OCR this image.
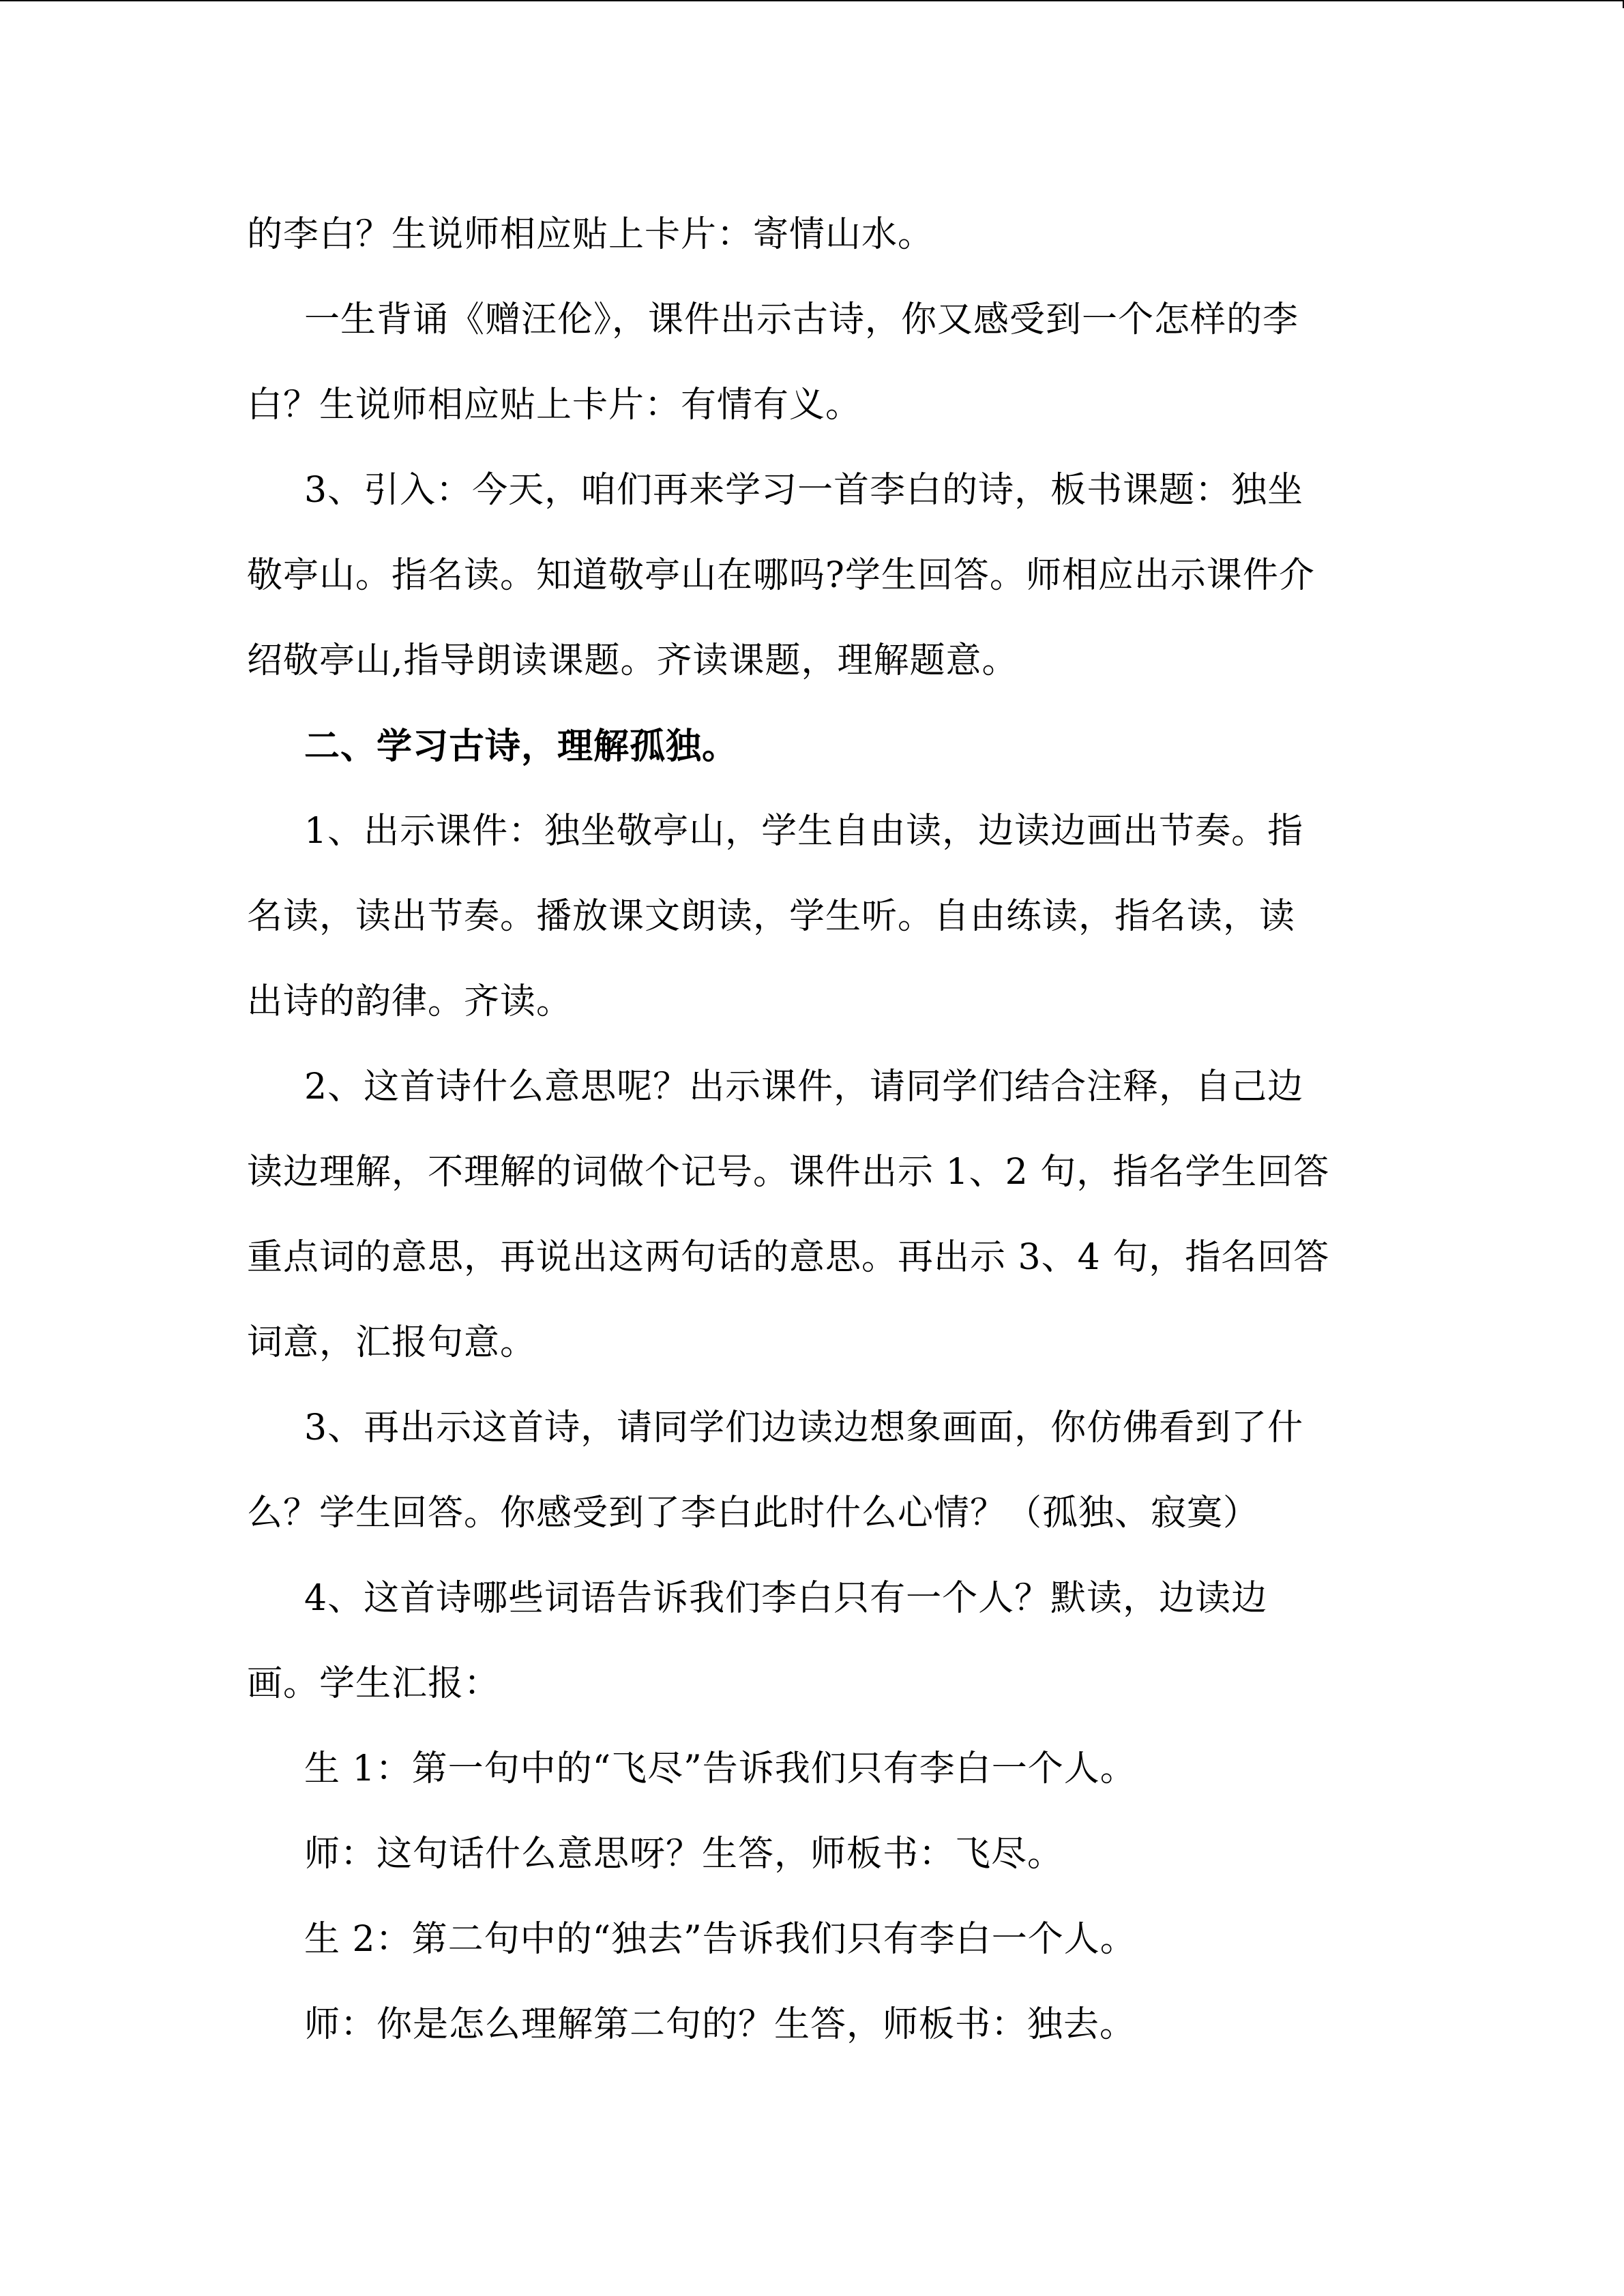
的李白？生说师相应贴上卡片：寄情山水。
一生背诵《赠汪伦》，课件出示古诗，你又感受到一个怎样的李
白？生说师相应贴上卡片：有情有义。
3、引入：今天，咱们再来学习一首李白的诗，板书课题：独坐
敬亭山。指名读。知道敬亭山在哪吗?学生回答。师相应出示课件介
绍敬亭山,指导朗读课题。齐读课题，理解题意。
二、学习古诗，理解孤独。
1、出示课件：独坐敬亭山，学生自由读，边读边画出节奏。指
名读，读出节奏。播放课文朗读，学生听。自由练读，指名读，读
出诗的韵律。齐读。
2、这首诗什么意思呢？出示课件，请同学们结合注释，自己边
读边理解，不理解的词做个记号。课件出示 1、2 句，指名学生回答
重点词的意思，再说出这两句话的意思。再出示 3、4 句，指名回答
词意，汇报句意。
3、再出示这首诗，请同学们边读边想象画面，你仿佛看到了什
么？学生回答。你感受到了李白此时什么心情？（孤独、寂寞）
4、这首诗哪些词语告诉我们李白只有一个人？默读，边读边
画。学生汇报：
生 1：第一句中的“飞尽”告诉我们只有李白一个人。
师：这句话什么意思呀？生答，师板书：飞尽。
生 2：第二句中的“独去”告诉我们只有李白一个人。
师：你是怎么理解第二句的？生答，师板书：独去。
